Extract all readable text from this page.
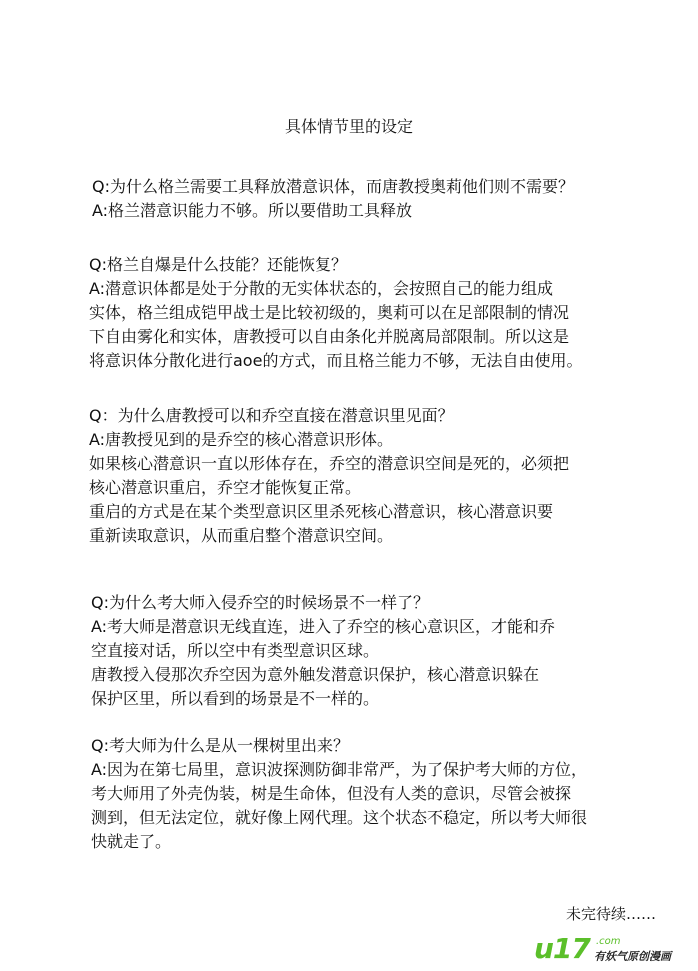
具体情节里的设定
Q:为什么格兰需要工具释放潜意识体，而唐教授奥莉他们则不需要？
A:格兰潜意识能力不够。所以要借助工具释放
Q:格兰自爆是什么技能？还能恢复？
A:潜意识体都是处于分散的无实体状态的，会按照自己的能力组成
实体，格兰组成铠甲战士是比较初级的，奥莉可以在足部限制的情况
下自由雾化和实体，唐教授可以自由条化并脱离局部限制。所以这是
将意识体分散化进行aoe的方式，而且格兰能力不够，无法自由使用。
Q：为什么唐教授可以和乔空直接在潜意识里见面？
A:唐教授见到的是乔空的核心潜意识形体。
如果核心潜意识一直以形体存在，乔空的潜意识空间是死的，必须把
核心潜意识重启，乔空才能恢复正常。
重启的方式是在某个类型意识区里杀死核心潜意识，核心潜意识要
重新读取意识，从而重启整个潜意识空间。
Q:为什么考大师入侵乔空的时候场景不一样了？
A:考大师是潜意识无线直连，进入了乔空的核心意识区，才能和乔
空直接对话，所以空中有类型意识区球。
唐教授入侵那次乔空因为意外触发潜意识保护，核心潜意识躲在
保护区里，所以看到的场景是不一样的。
Q:考大师为什么是从一棵树里出来？
A:因为在第七局里，意识波探测防御非常严，为了保护考大师的方位，
考大师用了外壳伪装，树是生命体，但没有人类的意识，尽管会被探
测到，但无法定位，就好像上网代理。这个状态不稳定，所以考大师很
快就走了。
未完待续……
u17 .com
有妖气原创漫画
